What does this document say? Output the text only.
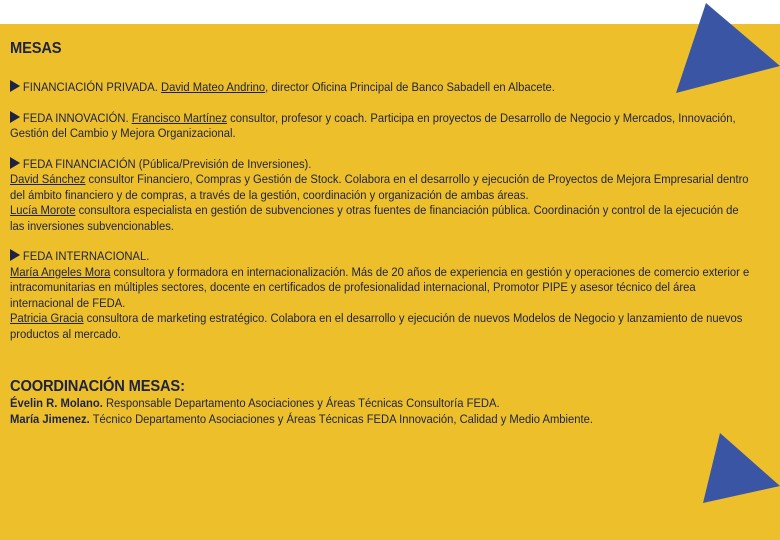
MESAS
FINANCIACIÓN PRIVADA. David Mateo Andrino, director Oficina Principal de Banco Sabadell en Albacete.
FEDA INNOVACIÓN. Francisco Martínez consultor, profesor y coach. Participa en proyectos de Desarrollo de Negocio y Mercados, Innovación, Gestión del Cambio y Mejora Organizacional.
FEDA FINANCIACIÓN (Pública/Previsión de Inversiones).
David Sánchez consultor Financiero, Compras y Gestión de Stock. Colabora en el desarrollo y ejecución de Proyectos de Mejora Empresarial dentro del ámbito financiero y de compras, a través de la gestión, coordinación y organización de ambas áreas.
Lucía Morote consultora especialista en gestión de subvenciones y otras fuentes de financiación pública. Coordinación y control de la ejecución de las inversiones subvencionables.
FEDA INTERNACIONAL.
María Angeles Mora consultora y formadora en internacionalización. Más de 20 años de experiencia en gestión y operaciones de comercio exterior e intracomunitarias en múltiples sectores, docente en certificados de profesionalidad internacional, Promotor PIPE y asesor técnico del área internacional de FEDA.
Patricia Gracia consultora de marketing estratégico. Colabora en el desarrollo y ejecución de nuevos Modelos de Negocio y lanzamiento de nuevos productos al mercado.
COORDINACIÓN MESAS:
Évelin R. Molano. Responsable Departamento Asociaciones y Áreas Técnicas Consultoría FEDA.
María Jimenez. Técnico Departamento Asociaciones y Áreas Técnicas FEDA Innovación, Calidad y Medio Ambiente.
